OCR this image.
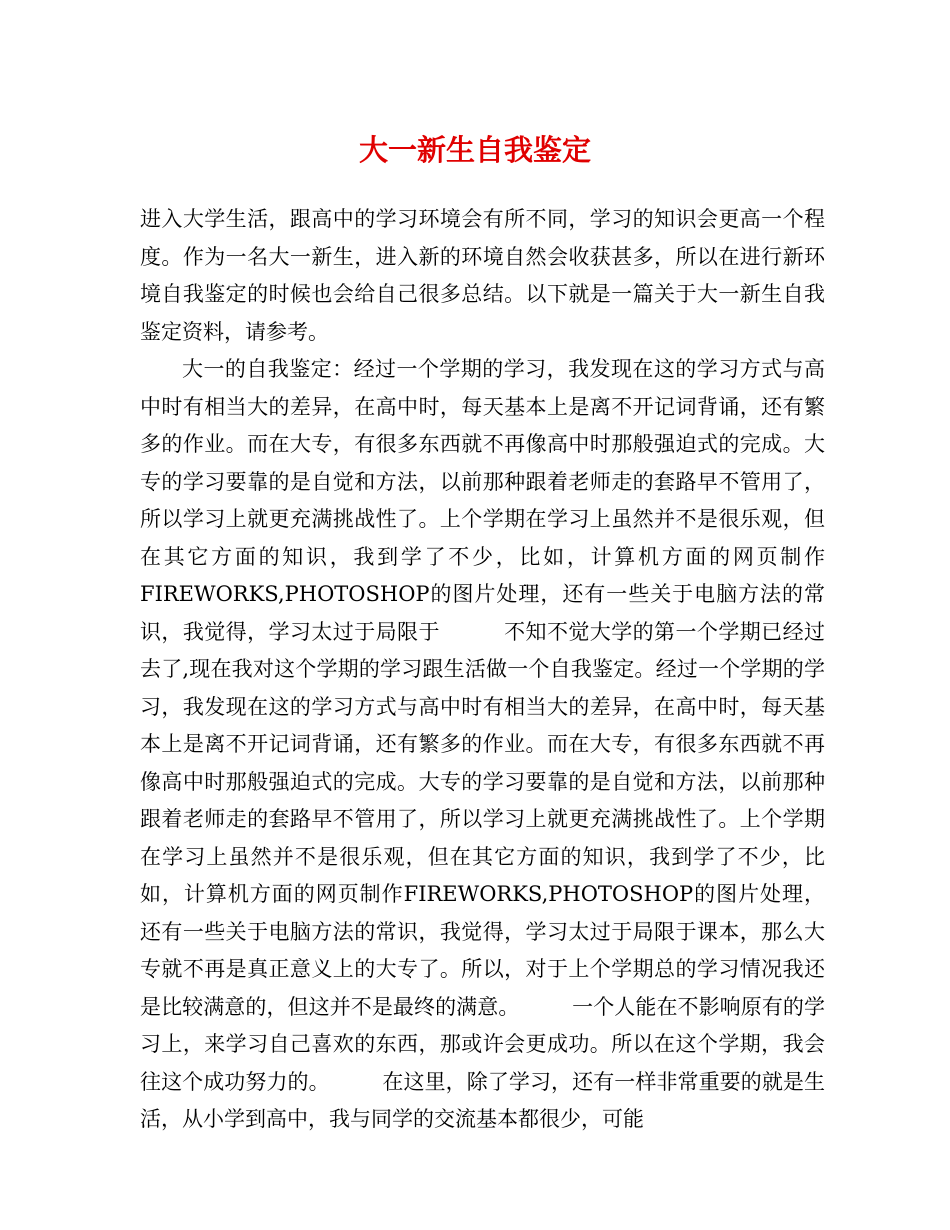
大一新生自我鉴定

进入大学生活，跟高中的学习环境会有所不同，学习的知识会更高一个程度。作为一名大一新生，进入新的环境自然会收获甚多，所以在进行新环境自我鉴定的时候也会给自己很多总结。以下就是一篇关于大一新生自我鉴定资料，请参考。

大一的自我鉴定：经过一个学期的学习，我发现在这的学习方式与高中时有相当大的差异，在高中时，每天基本上是离不开记词背诵，还有繁多的作业。而在大专，有很多东西就不再像高中时那般强迫式的完成。大专的学习要靠的是自觉和方法，以前那种跟着老师走的套路早不管用了，所以学习上就更充满挑战性了。上个学期在学习上虽然并不是很乐观，但在其它方面的知识，我到学了不少，比如，计算机方面的网页制作FIREWORKS,PHOTOSHOP的图片处理，还有一些关于电脑方法的常识，我觉得，学习太过于局限于　　　不知不觉大学的第一个学期已经过去了,现在我对这个学期的学习跟生活做一个自我鉴定。经过一个学期的学习，我发现在这的学习方式与高中时有相当大的差异，在高中时，每天基本上是离不开记词背诵，还有繁多的作业。而在大专，有很多东西就不再像高中时那般强迫式的完成。大专的学习要靠的是自觉和方法，以前那种跟着老师走的套路早不管用了，所以学习上就更充满挑战性了。上个学期在学习上虽然并不是很乐观，但在其它方面的知识，我到学了不少，比如，计算机方面的网页制作FIREWORKS,PHOTOSHOP的图片处理，还有一些关于电脑方法的常识，我觉得，学习太过于局限于课本，那么大专就不再是真正意义上的大专了。所以，对于上个学期总的学习情况我还是比较满意的，但这并不是最终的满意。　　　一个人能在不影响原有的学习上，来学习自己喜欢的东西，那或许会更成功。所以在这个学期，我会往这个成功努力的。　　　在这里，除了学习，还有一样非常重要的就是生活，从小学到高中，我与同学的交流基本都很少，可能
